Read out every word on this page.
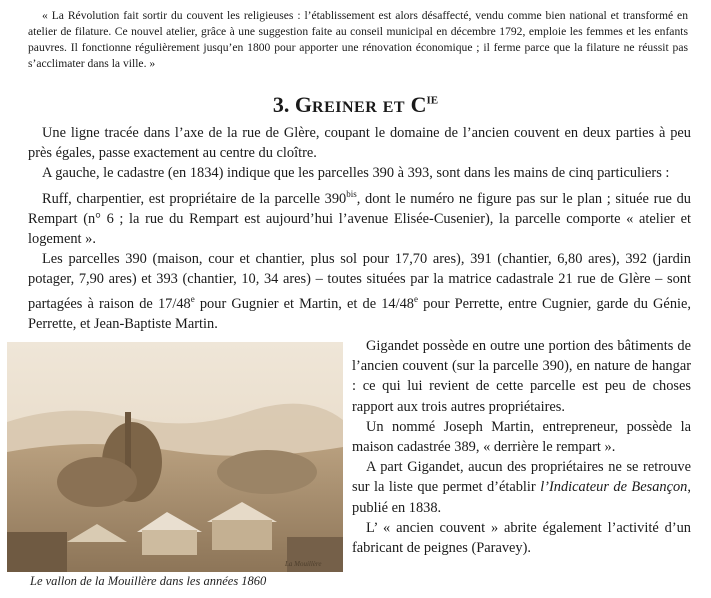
« La Révolution fait sortir du couvent les religieuses : l’établissement est alors désaffecté, vendu comme bien national et transformé en atelier de filature. Ce nouvel atelier, grâce à une suggestion faite au conseil municipal en décembre 1792, emploie les femmes et les enfants pauvres. Il fonctionne régulièrement jusqu’en 1800 pour apporter une rénovation économique ; il ferme parce que la filature ne réussit pas s’acclimater dans la ville. »
3. GREINER ET $C^{IE}$

Une ligne tracée dans l’axe de la rue de Glère, coupant le domaine de l’ancien couvent en deux parties à peu près égales, passe exactement au centre du cloître.

A gauche, le cadastre (en 1834) indique que les parcelles 390 à 393, sont dans les mains de cinq particuliers :

Ruff, charpentier, est propriétaire de la parcelle $390^{bis}$, dont le numéro ne figure pas sur le plan ; située rue du Rempart (n° 6 ; la rue du Rempart est aujourd’hui l’avenue Elisée-Cusenier), la parcelle comporte « atelier et logement ».

Les parcelles 390 (maison, cour et chantier, plus sol pour 17,70 ares), 391 (chantier, 6,80 ares), 392 (jardin potager, 7,90 ares) et 393 (chantier, 10, 34 ares) – toutes situées par la matrice cadastrale 21 rue de Glère – sont partagées à raison de 17/48e pour Gugnier et Martin, et de 14/48e pour Perrette, entre Cugnier, garde du Génie, Perrette, et Jean-Baptiste Martin.

La Mouillère
Le vallon de la Mouillère dans les années 1860

Gigandet possède en outre une portion des bâtiments de l’ancien couvent (sur la parcelle 390), en nature de hangar : ce qui lui revient de cette parcelle est peu de choses rapport aux trois autres propriétaires.

Un nommé Joseph Martin, entrepreneur, possède la maison cadastrée 389, « derrière le rempart ».

A part Gigandet, aucun des propriétaires ne se retrouve sur la liste que permet d’établir l’Indicateur de Besançon, publié en 1838.

L’ « ancien couvent » abrite également l’activité d’un fabricant de peignes (Paravey).
